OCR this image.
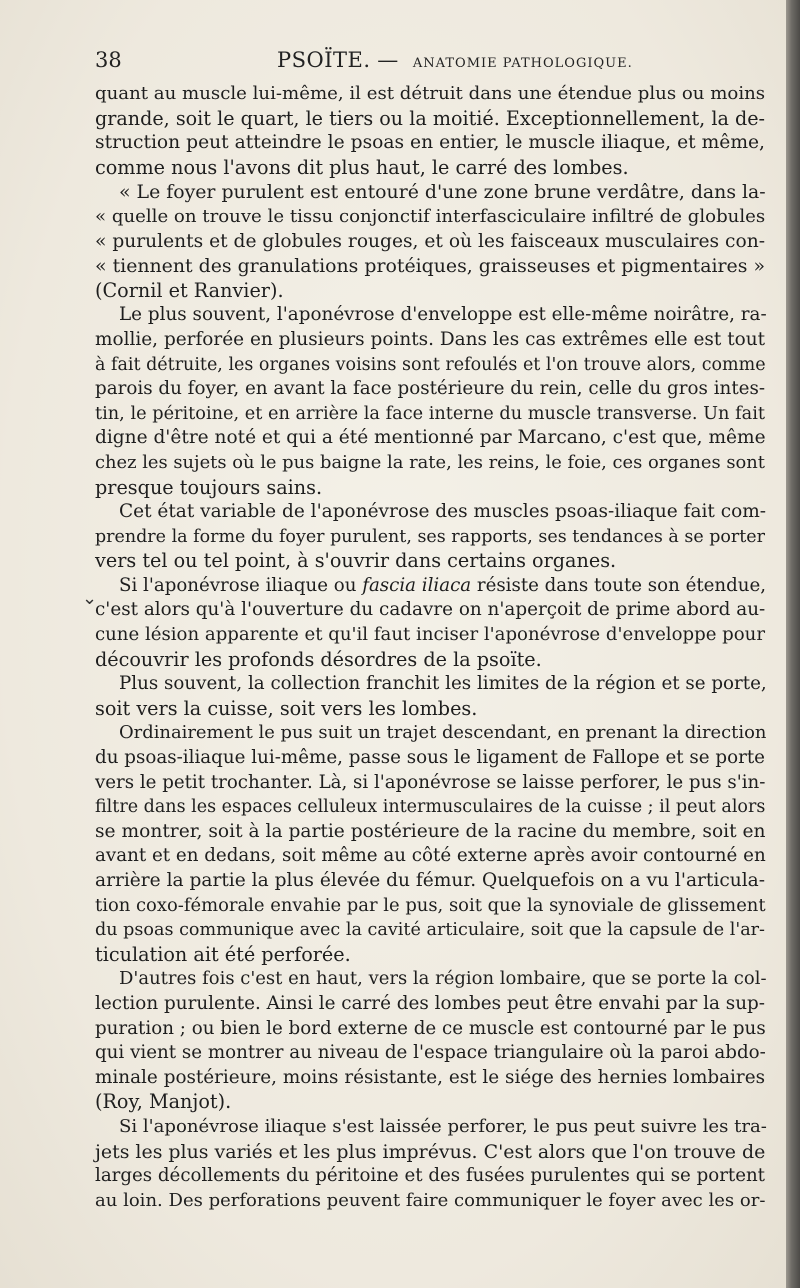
38	PSOÏTE. — ANATOMIE PATHOLOGIQUE.
⌄
quant au muscle lui-même, il est détruit dans une étendue plus ou moins
grande, soit le quart, le tiers ou la moitié. Exceptionnellement, la de-
struction peut atteindre le psoas en entier, le muscle iliaque, et même,
comme nous l'avons dit plus haut, le carré des lombes.
« Le foyer purulent est entouré d'une zone brune verdâtre, dans la-
« quelle on trouve le tissu conjonctif interfasciculaire infiltré de globules
« purulents et de globules rouges, et où les faisceaux musculaires con-
« tiennent des granulations protéiques, graisseuses et pigmentaires »
(Cornil et Ranvier).
Le plus souvent, l'aponévrose d'enveloppe est elle-même noirâtre, ra-
mollie, perforée en plusieurs points. Dans les cas extrêmes elle est tout
à fait détruite, les organes voisins sont refoulés et l'on trouve alors, comme
parois du foyer, en avant la face postérieure du rein, celle du gros intes-
tin, le péritoine, et en arrière la face interne du muscle transverse. Un fait
digne d'être noté et qui a été mentionné par Marcano, c'est que, même
chez les sujets où le pus baigne la rate, les reins, le foie, ces organes sont
presque toujours sains.
Cet état variable de l'aponévrose des muscles psoas-iliaque fait com-
prendre la forme du foyer purulent, ses rapports, ses tendances à se porter
vers tel ou tel point, à s'ouvrir dans certains organes.
Si l'aponévrose iliaque ou fascia iliaca résiste dans toute son étendue,
c'est alors qu'à l'ouverture du cadavre on n'aperçoit de prime abord au-
cune lésion apparente et qu'il faut inciser l'aponévrose d'enveloppe pour
découvrir les profonds désordres de la psoïte.
Plus souvent, la collection franchit les limites de la région et se porte,
soit vers la cuisse, soit vers les lombes.
Ordinairement le pus suit un trajet descendant, en prenant la direction
du psoas-iliaque lui-même, passe sous le ligament de Fallope et se porte
vers le petit trochanter. Là, si l'aponévrose se laisse perforer, le pus s'in-
filtre dans les espaces celluleux intermusculaires de la cuisse ; il peut alors
se montrer, soit à la partie postérieure de la racine du membre, soit en
avant et en dedans, soit même au côté externe après avoir contourné en
arrière la partie la plus élevée du fémur. Quelquefois on a vu l'articula-
tion coxo-fémorale envahie par le pus, soit que la synoviale de glissement
du psoas communique avec la cavité articulaire, soit que la capsule de l'ar-
ticulation ait été perforée.
D'autres fois c'est en haut, vers la région lombaire, que se porte la col-
lection purulente. Ainsi le carré des lombes peut être envahi par la sup-
puration ; ou bien le bord externe de ce muscle est contourné par le pus
qui vient se montrer au niveau de l'espace triangulaire où la paroi abdo-
minale postérieure, moins résistante, est le siége des hernies lombaires
(Roy, Manjot).
Si l'aponévrose iliaque s'est laissée perforer, le pus peut suivre les tra-
jets les plus variés et les plus imprévus. C'est alors que l'on trouve de
larges décollements du péritoine et des fusées purulentes qui se portent
au loin. Des perforations peuvent faire communiquer le foyer avec les or-
